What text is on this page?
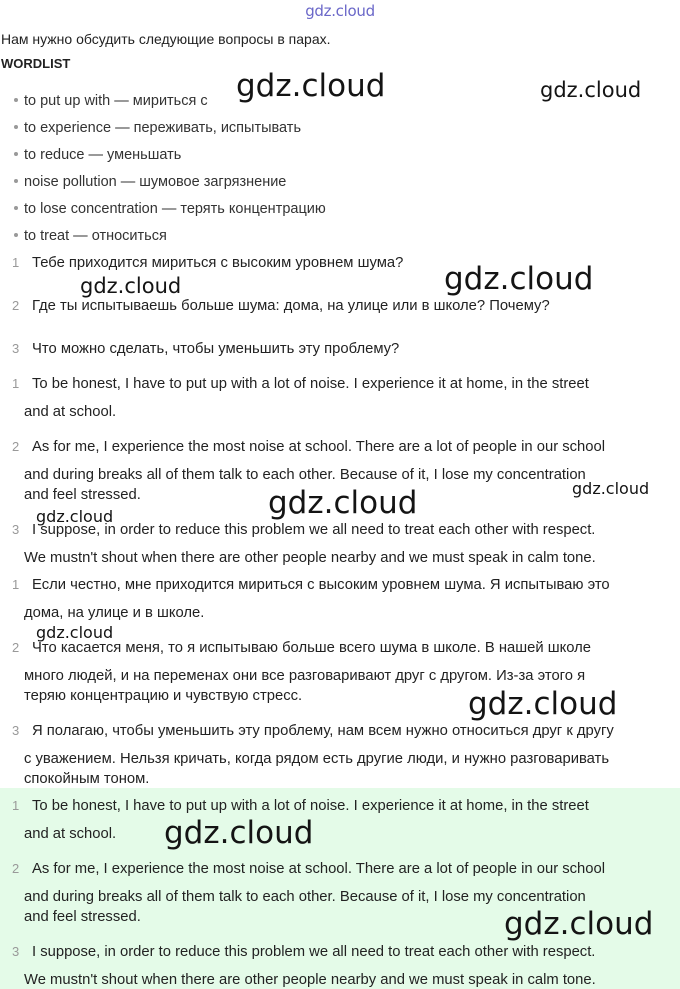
gdz.cloud
Нам нужно обсудить следующие вопросы в парах.
WORDLIST
to put up with — мириться с
to experience — переживать, испытывать
to reduce — уменьшать
noise pollution — шумовое загрязнение
to lose concentration — терять концентрацию
to treat — относиться
1 Тебе приходится мириться с высоким уровнем шума?
2 Где ты испытываешь больше шума: дома, на улице или в школе? Почему?
3 Что можно сделать, чтобы уменьшить эту проблему?
1 To be honest, I have to put up with a lot of noise. I experience it at home, in the street
and at school.
2 As for me, I experience the most noise at school. There are a lot of people in our school
and during breaks all of them talk to each other. Because of it, I lose my concentration
and feel stressed.
3 I suppose, in order to reduce this problem we all need to treat each other with respect.
We mustn't shout when there are other people nearby and we must speak in calm tone.
1 Если честно, мне приходится мириться с высоким уровнем шума. Я испытываю это
дома, на улице и в школе.
2 Что касается меня, то я испытываю больше всего шума в школе. В нашей школе
много людей, и на переменах они все разговаривают друг с другом. Из-за этого я
теряю концентрацию и чувствую стресс.
3 Я полагаю, чтобы уменьшить эту проблему, нам всем нужно относиться друг к другу
с уважением. Нельзя кричать, когда рядом есть другие люди, и нужно разговаривать
спокойным тоном.
1 To be honest, I have to put up with a lot of noise. I experience it at home, in the street
and at school.
2 As for me, I experience the most noise at school. There are a lot of people in our school
and during breaks all of them talk to each other. Because of it, I lose my concentration
and feel stressed.
3 I suppose, in order to reduce this problem we all need to treat each other with respect.
We mustn't shout when there are other people nearby and we must speak in calm tone.
gdz.cloud	gdz.cloud
gdz.cloud
gdz.cloud
gdz.cloud	gdz.cloud
gdz.cloud
gdz.cloud
gdz.cloud
gdz.cloud
gdz.cloud
